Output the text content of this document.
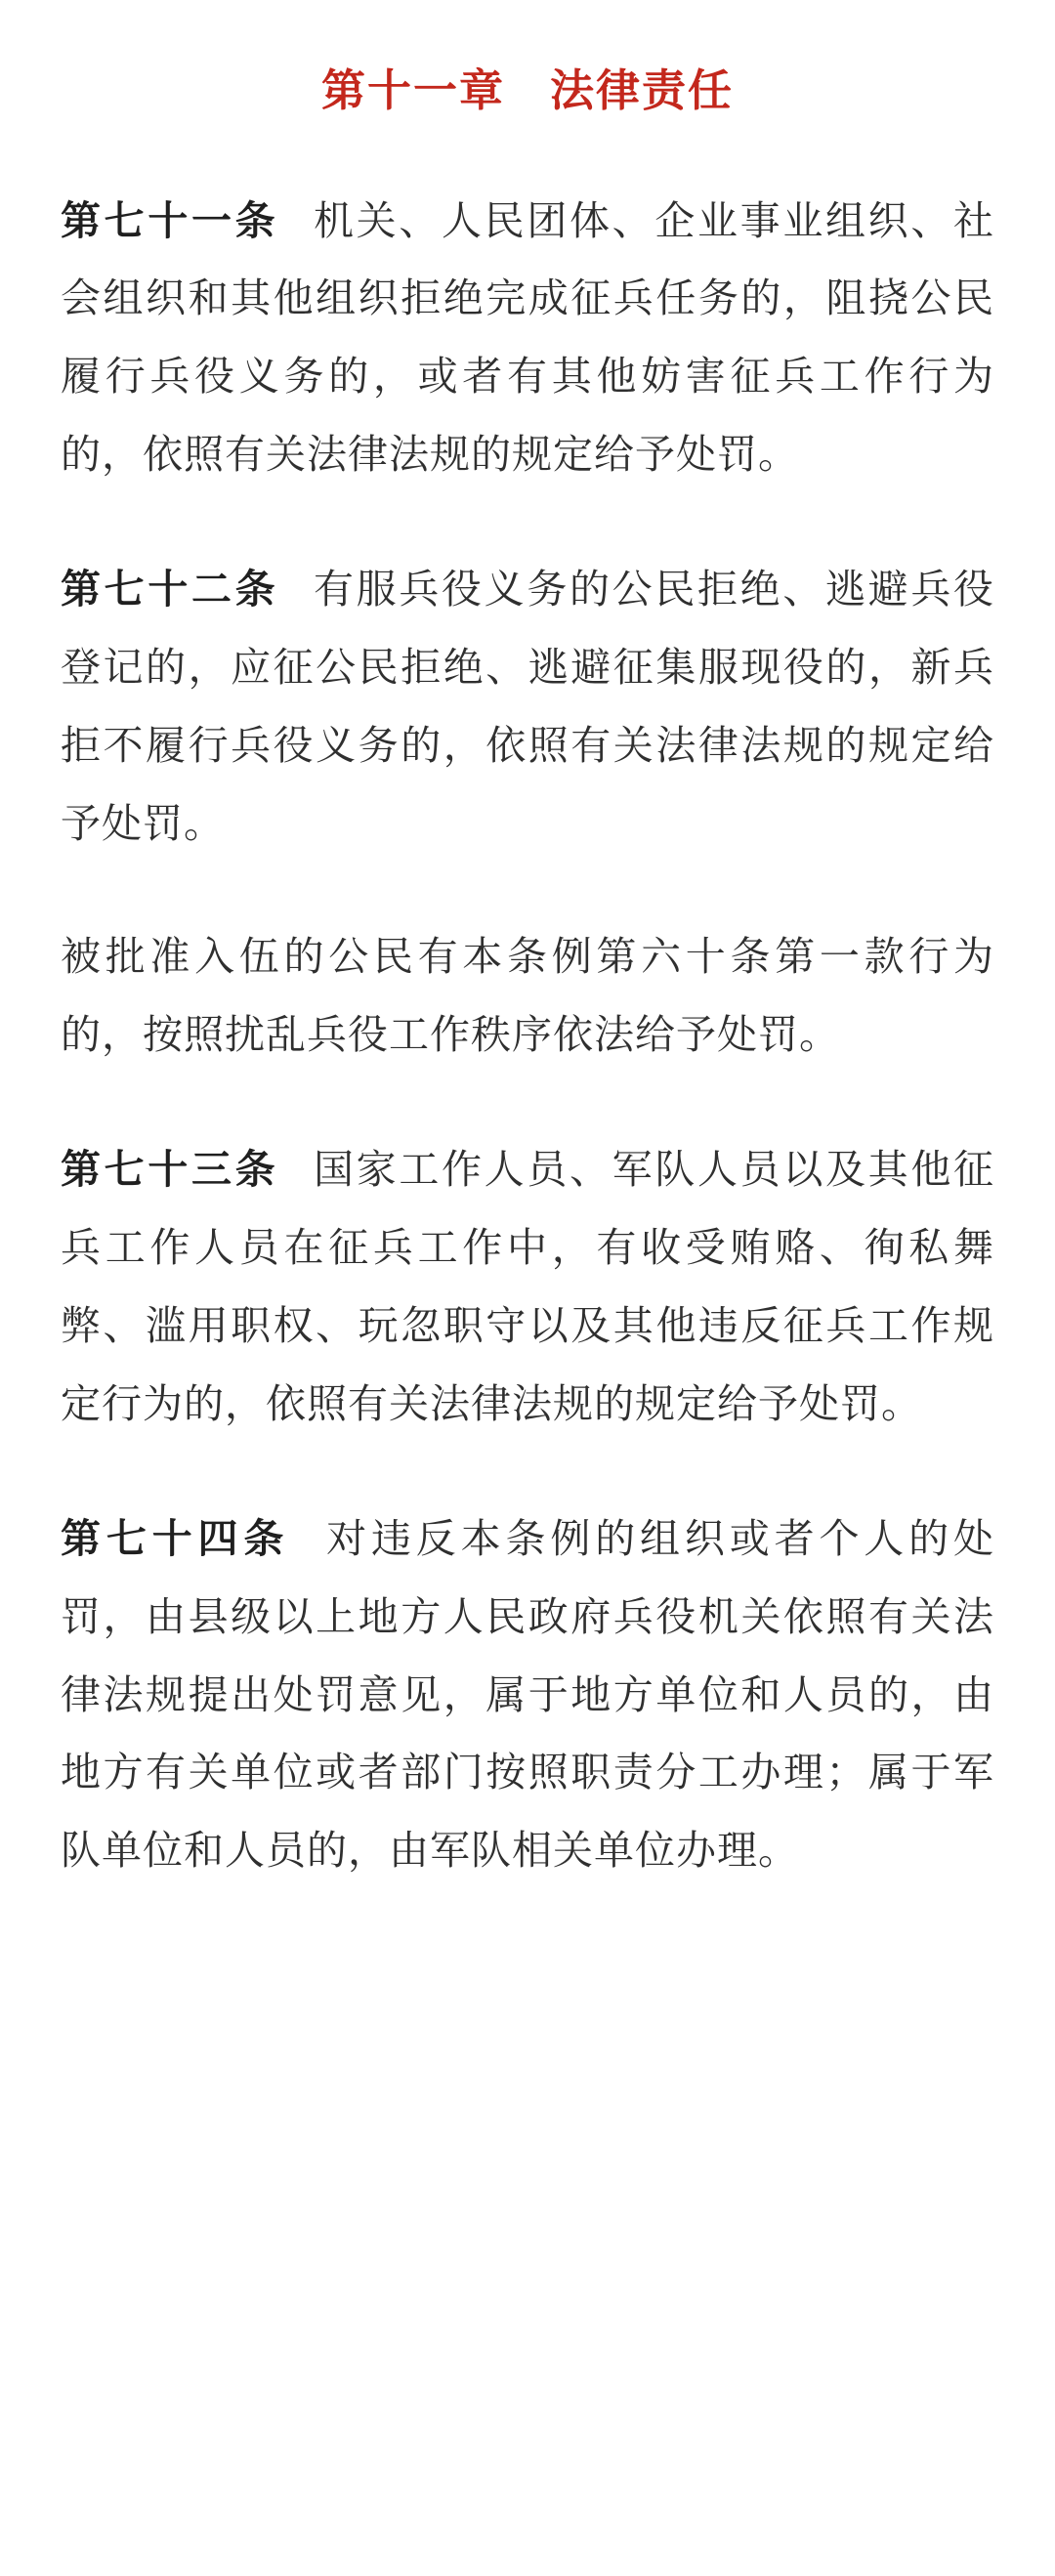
第十一章 法律责任

第七十一条 机关、人民团体、企业事业组织、社会组织和其他组织拒绝完成征兵任务的，阻挠公民履行兵役义务的，或者有其他妨害征兵工作行为的，依照有关法律法规的规定给予处罚。

第七十二条 有服兵役义务的公民拒绝、逃避兵役登记的，应征公民拒绝、逃避征集服现役的，新兵拒不履行兵役义务的，依照有关法律法规的规定给予处罚。

被批准入伍的公民有本条例第六十条第一款行为的，按照扰乱兵役工作秩序依法给予处罚。

第七十三条 国家工作人员、军队人员以及其他征兵工作人员在征兵工作中，有收受贿赂、徇私舞弊、滥用职权、玩忽职守以及其他违反征兵工作规定行为的，依照有关法律法规的规定给予处罚。

第七十四条 对违反本条例的组织或者个人的处罚，由县级以上地方人民政府兵役机关依照有关法律法规提出处罚意见，属于地方单位和人员的，由地方有关单位或者部门按照职责分工办理；属于军队单位和人员的，由军队相关单位办理。
